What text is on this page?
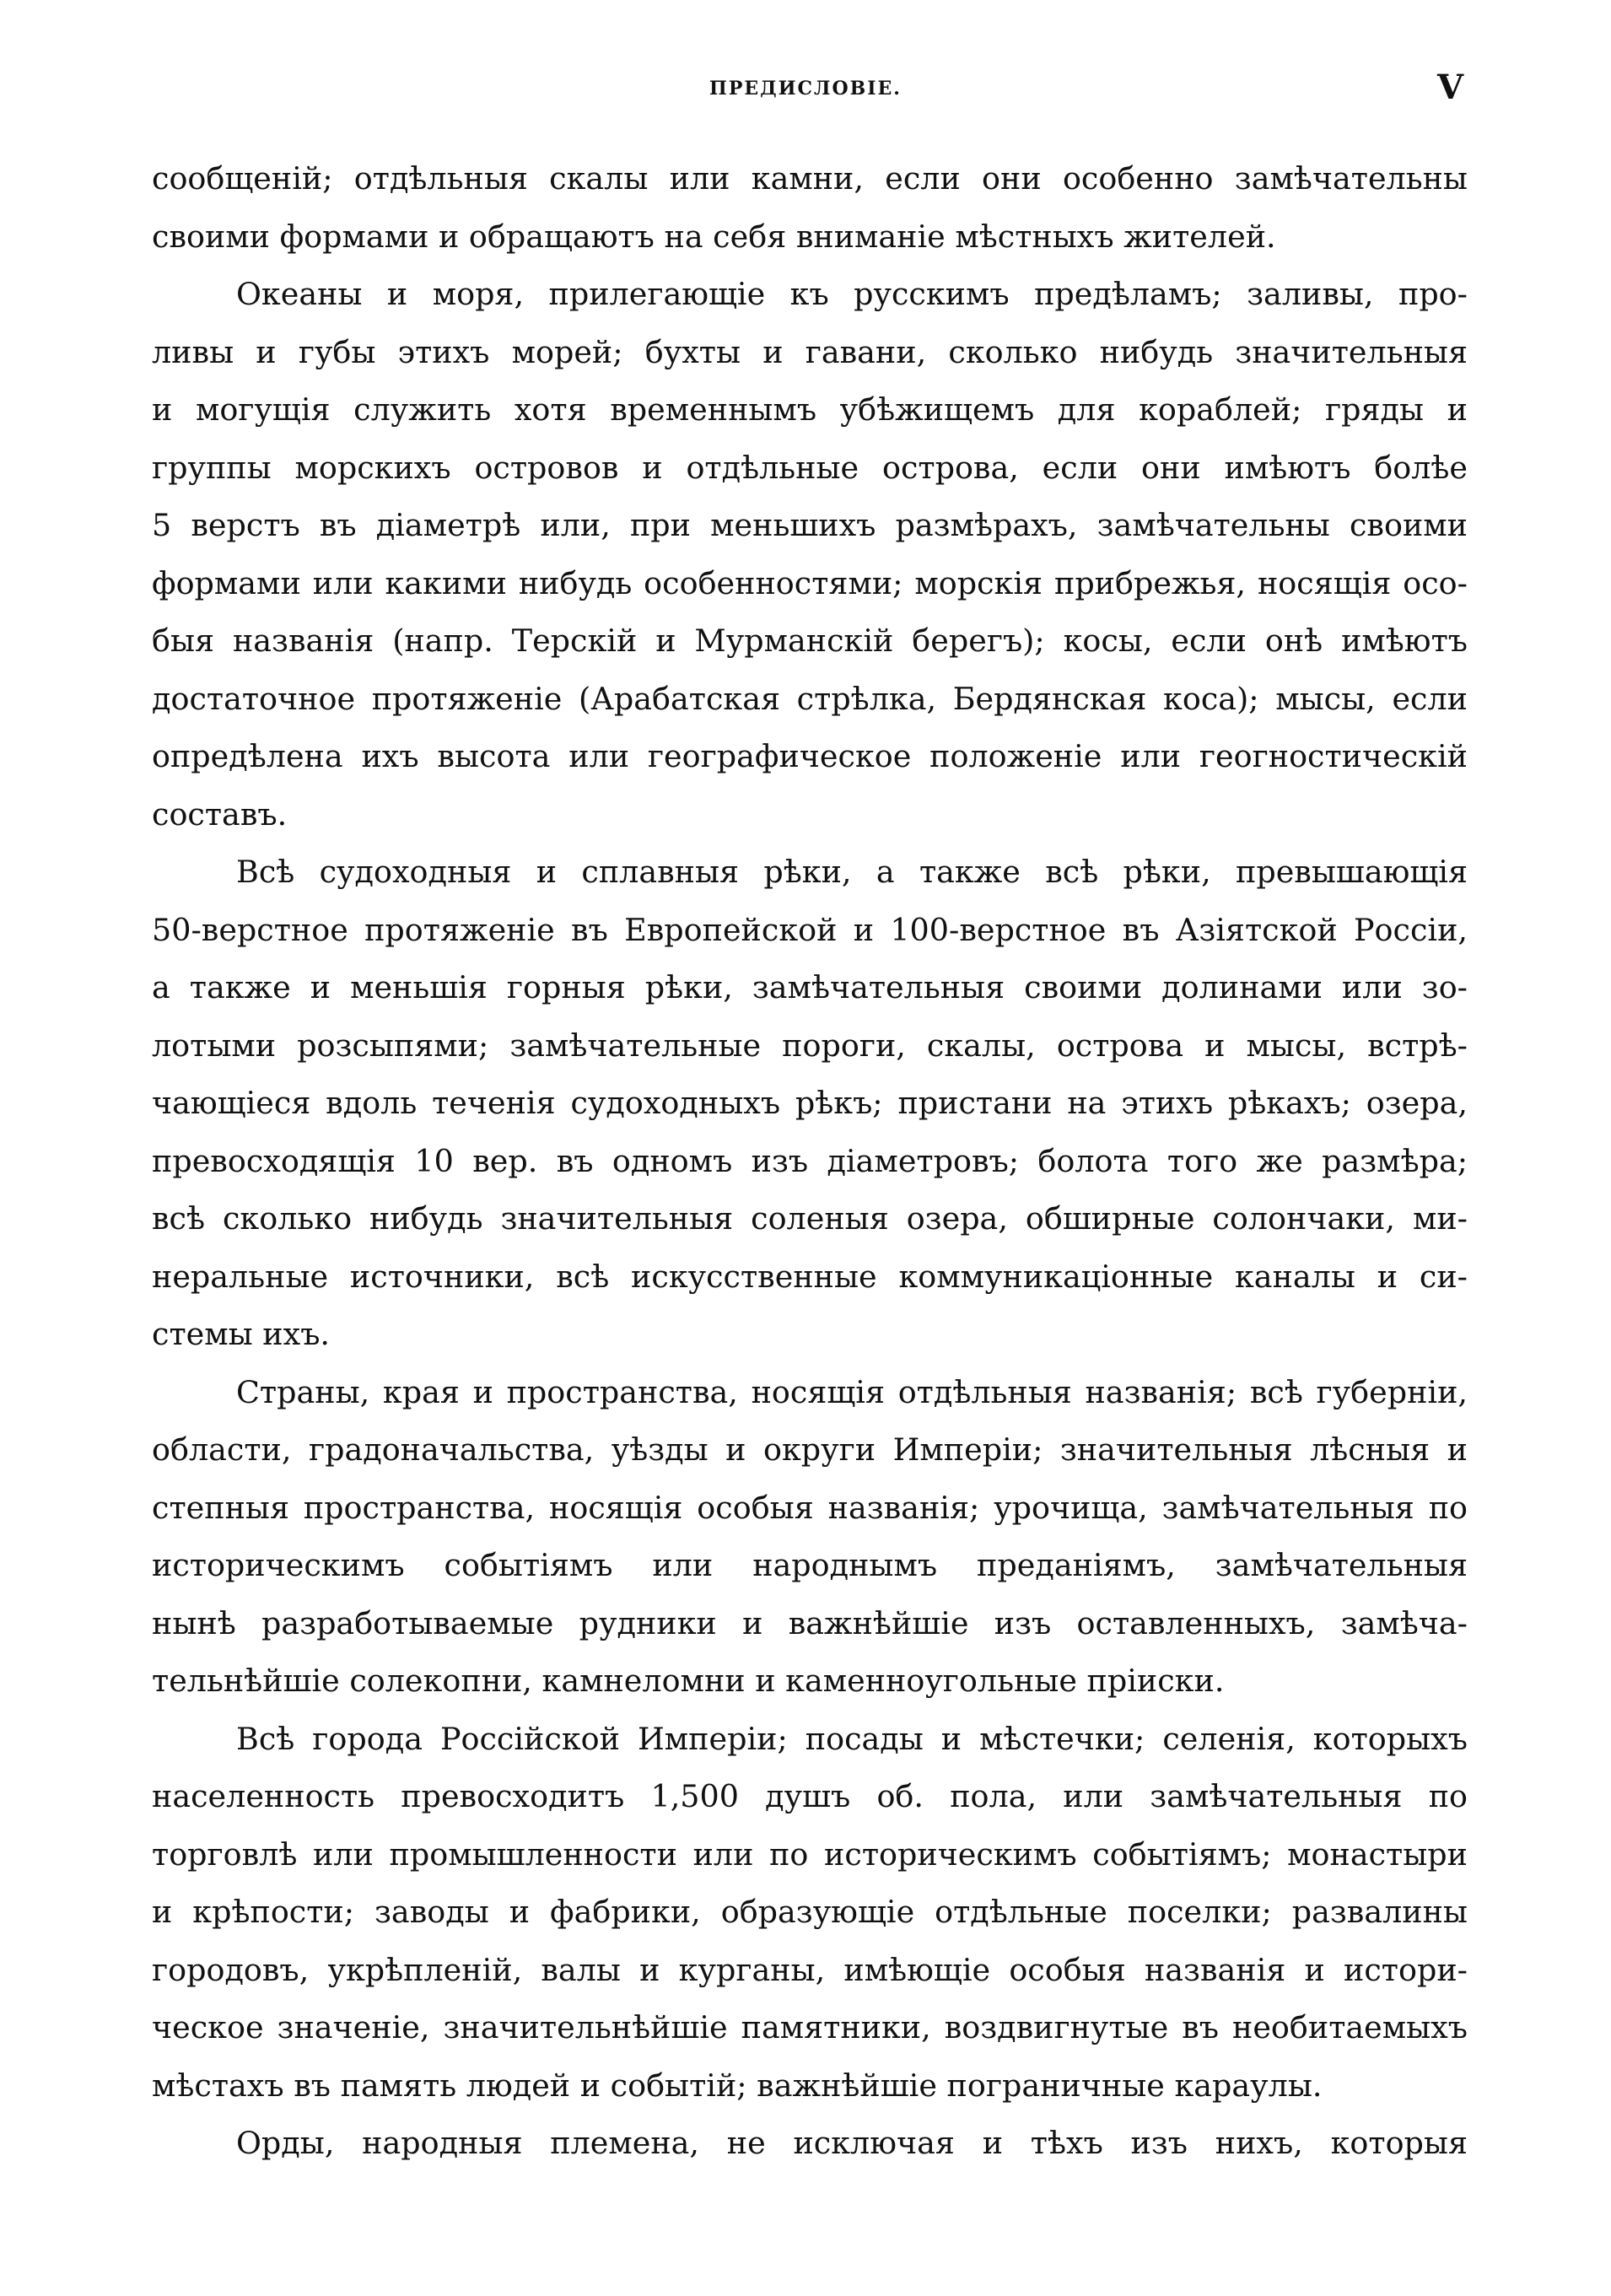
ПРЕДИСЛОВІЕ.	V
сообщеній; отдѣльныя скалы или камни, если они особенно замѣчательны
своими формами и обращаютъ на себя вниманіе мѣстныхъ жителей.
Океаны и моря, прилегающіе къ русскимъ предѣламъ; заливы, про-
ливы и губы этихъ морей; бухты и гавани, сколько нибудь значительныя
и могущія служить хотя временнымъ убѣжищемъ для кораблей; гряды и
группы морскихъ островов и отдѣльные острова, если они имѣютъ болѣе
5 верстъ въ діаметрѣ или, при меньшихъ размѣрахъ, замѣчательны своими
формами или какими нибудь особенностями; морскія прибрежья, носящія осо-
быя названія (напр. Терскій и Мурманскій берегъ); косы, если онѣ имѣютъ
достаточное протяженіе (Арабатская стрѣлка, Бердянская коса); мысы, если
опредѣлена ихъ высота или географическое положеніе или геогностическій
составъ.
Всѣ судоходныя и сплавныя рѣки, а также всѣ рѣки, превышающія
50-верстное протяженіе въ Европейской и 100-верстное въ Азіятской Россіи,
а также и меньшія горныя рѣки, замѣчательныя своими долинами или зо-
лотыми розсыпями; замѣчательные пороги, скалы, острова и мысы, встрѣ-
чающіеся вдоль теченія судоходныхъ рѣкъ; пристани на этихъ рѣкахъ; озера,
превосходящія 10 вер. въ одномъ изъ діаметровъ; болота того же размѣра;
всѣ сколько нибудь значительныя соленыя озера, обширные солончаки, ми-
неральные источники, всѣ искусственные коммуникаціонные каналы и си-
стемы ихъ.
Страны, края и пространства, носящія отдѣльныя названія; всѣ губерніи,
области, градоначальства, уѣзды и округи Имперіи; значительныя лѣсныя и
степныя пространства, носящія особыя названія; урочища, замѣчательныя по
историческимъ событіямъ или народнымъ преданіямъ, замѣчательныя
нынѣ разработываемые рудники и важнѣйшіе изъ оставленныхъ, замѣча-
тельнѣйшіе солекопни, камнеломни и каменноугольные пріиски.
Всѣ города Россійской Имперіи; посады и мѣстечки; селенія, которыхъ
населенность превосходитъ 1,500 душъ об. пола, или замѣчательныя по
торговлѣ или промышленности или по историческимъ событіямъ; монастыри
и крѣпости; заводы и фабрики, образующіе отдѣльные поселки; развалины
городовъ, укрѣпленій, валы и курганы, имѣющіе особыя названія и истори-
ческое значеніе, значительнѣйшіе памятники, воздвигнутые въ необитаемыхъ
мѣстахъ въ память людей и событій; важнѣйшіе пограничные караулы.
Орды, народныя племена, не исключая и тѣхъ изъ нихъ, которыя
